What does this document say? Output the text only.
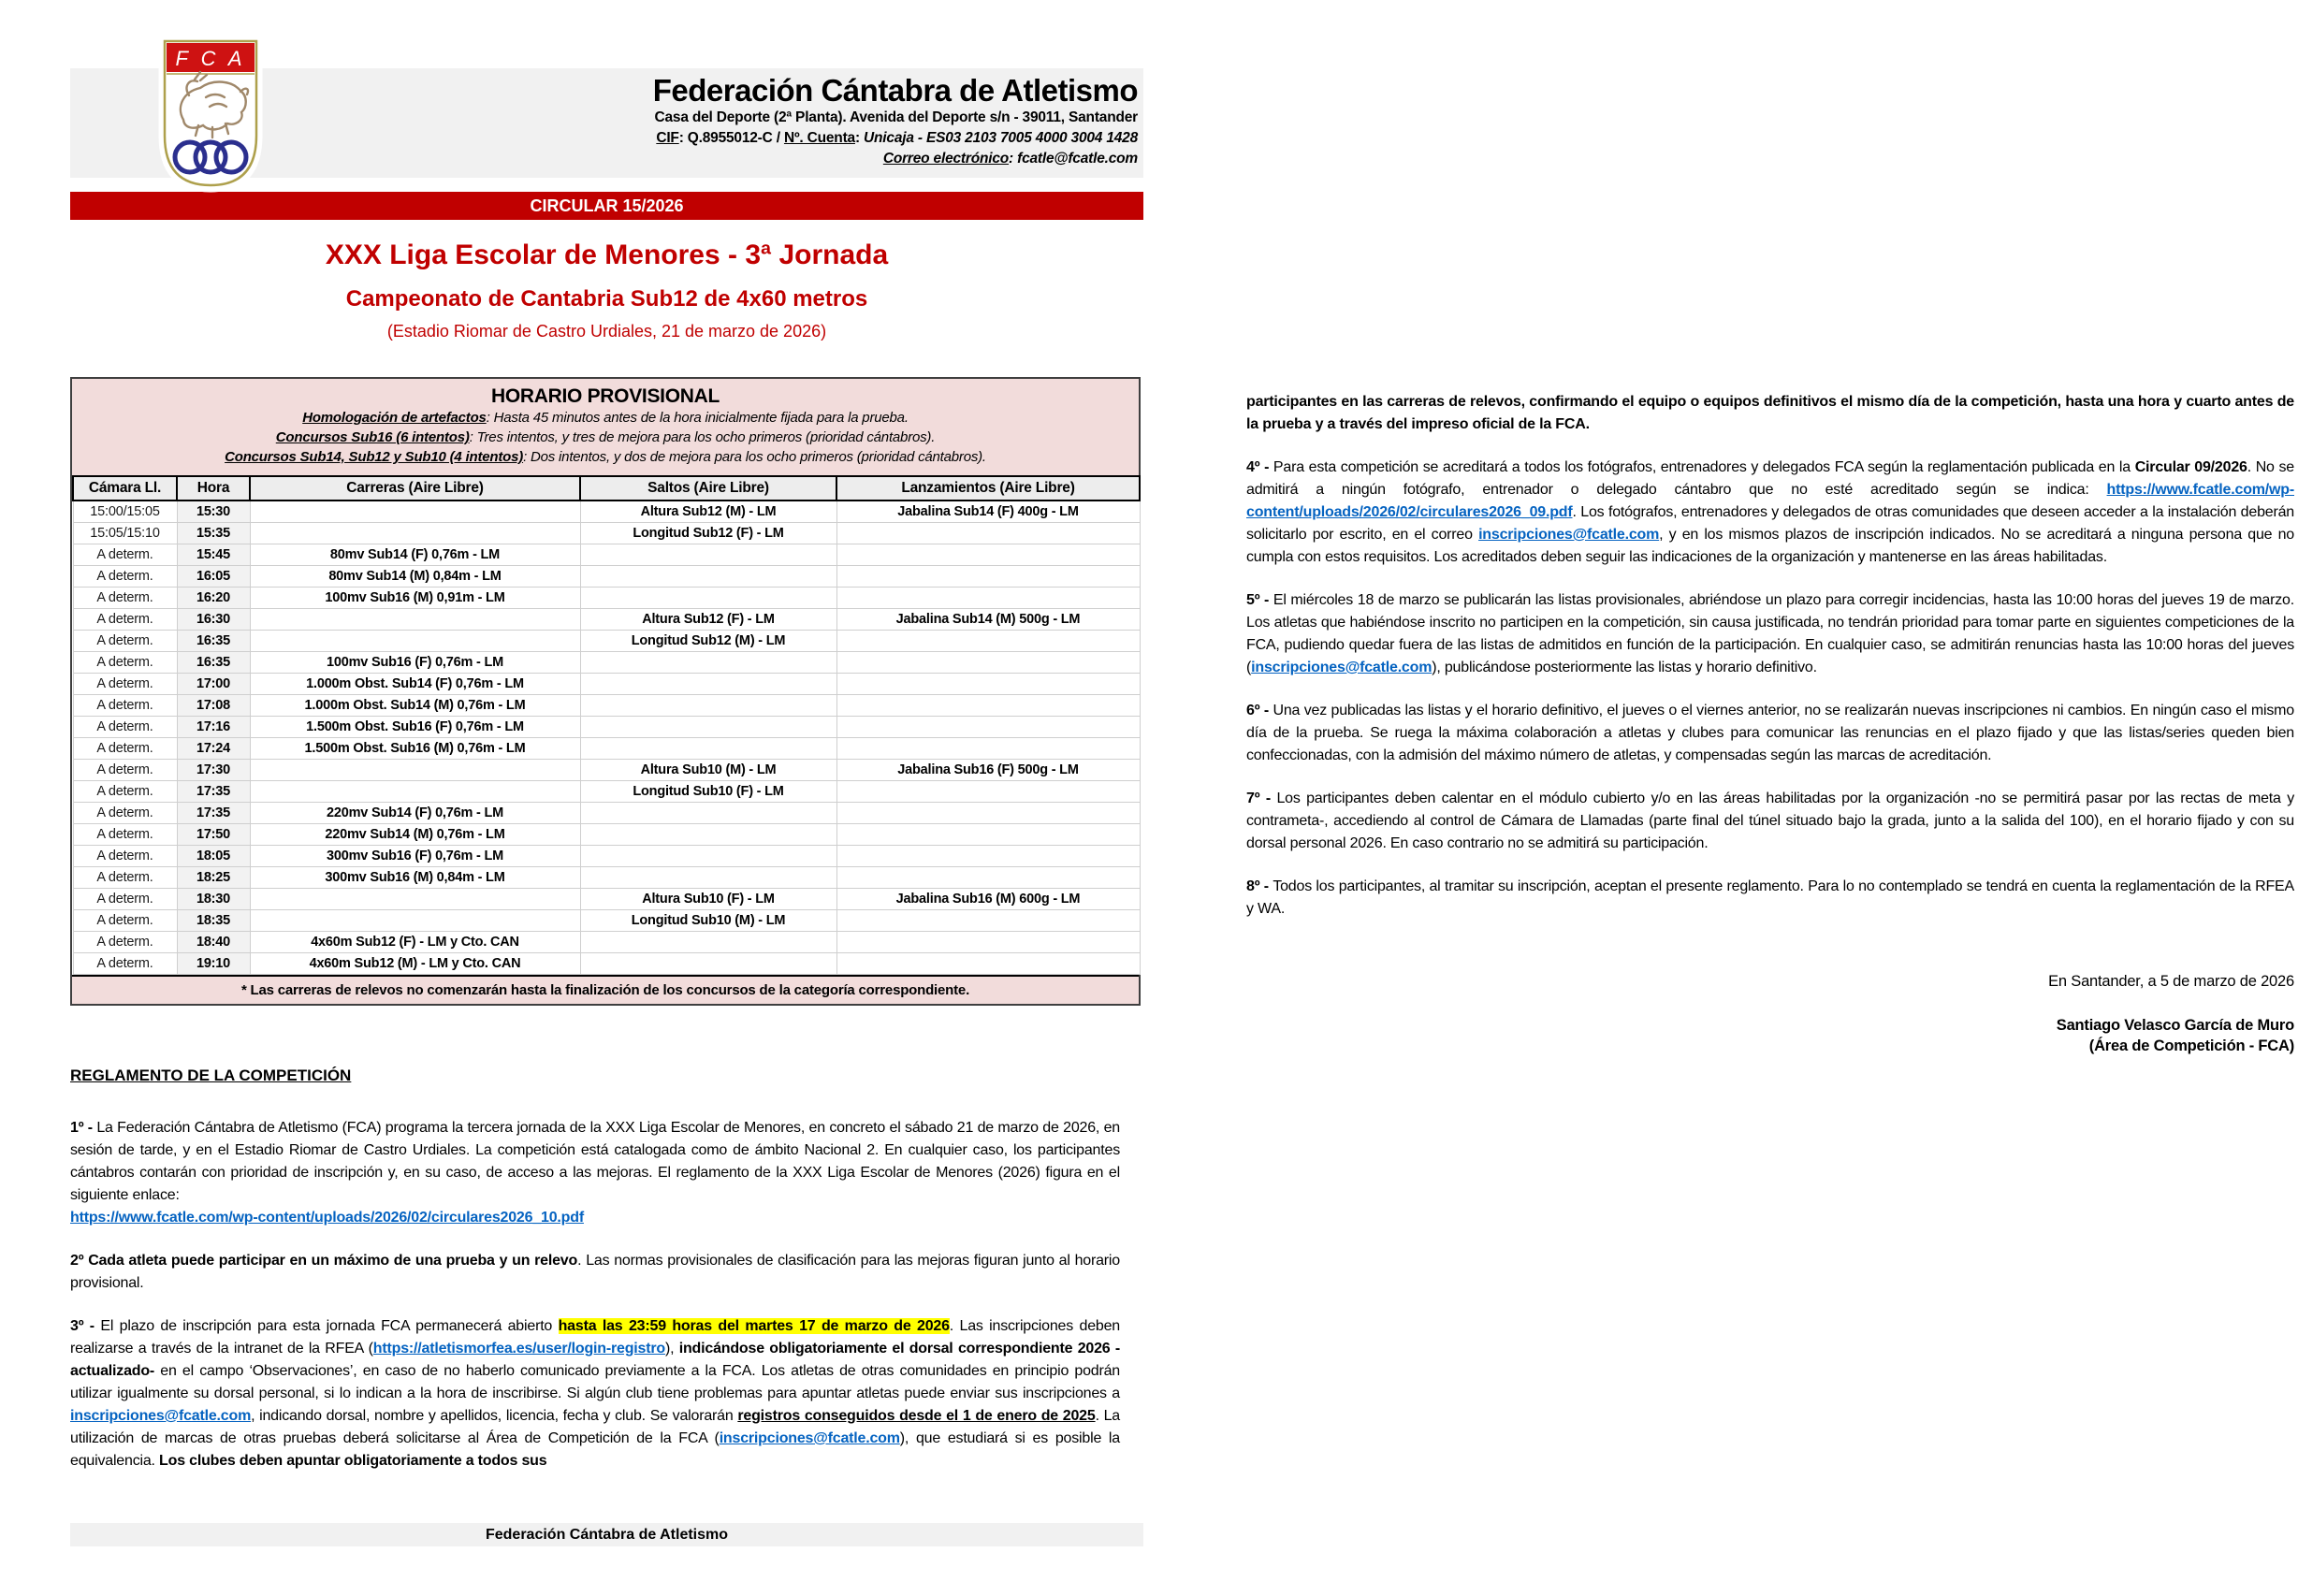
F C A
Federación Cántabra de Atletismo
Casa del Deporte (2ª Planta). Avenida del Deporte s/n - 39011, Santander
CIF: Q.8955012-C / Nº. Cuenta: Unicaja - ES03 2103 7005 4000 3004 1428
Correo electrónico: fcatle@fcatle.com
CIRCULAR 15/2026
XXX Liga Escolar de Menores - 3ª Jornada
Campeonato de Cantabria Sub12 de 4x60 metros
(Estadio Riomar de Castro Urdiales, 21 de marzo de 2026)
HORARIO PROVISIONAL
Homologación de artefactos: Hasta 45 minutos antes de la hora inicialmente fijada para la prueba.
Concursos Sub16 (6 intentos): Tres intentos, y tres de mejora para los ocho primeros (prioridad cántabros).
Concursos Sub14, Sub12 y Sub10 (4 intentos): Dos intentos, y dos de mejora para los ocho primeros (prioridad cántabros).
Cámara Ll.	Hora	Carreras (Aire Libre)	Saltos (Aire Libre)	Lanzamientos (Aire Libre)
15:00/15:05	15:30		Altura Sub12 (M) - LM	Jabalina Sub14 (F) 400g - LM
15:05/15:10	15:35		Longitud Sub12 (F) - LM	
A determ.	15:45	80mv Sub14 (F) 0,76m - LM		
A determ.	16:05	80mv Sub14 (M) 0,84m - LM		
A determ.	16:20	100mv Sub16 (M) 0,91m - LM		
A determ.	16:30		Altura Sub12 (F) - LM	Jabalina Sub14 (M) 500g - LM
A determ.	16:35		Longitud Sub12 (M) - LM	
A determ.	16:35	100mv Sub16 (F) 0,76m - LM		
A determ.	17:00	1.000m Obst. Sub14 (F) 0,76m - LM		
A determ.	17:08	1.000m Obst. Sub14 (M) 0,76m - LM		
A determ.	17:16	1.500m Obst. Sub16 (F) 0,76m - LM		
A determ.	17:24	1.500m Obst. Sub16 (M) 0,76m - LM		
A determ.	17:30		Altura Sub10 (M) - LM	Jabalina Sub16 (F) 500g - LM
A determ.	17:35		Longitud Sub10 (F) - LM	
A determ.	17:35	220mv Sub14 (F) 0,76m - LM		
A determ.	17:50	220mv Sub14 (M) 0,76m - LM		
A determ.	18:05	300mv Sub16 (F) 0,76m - LM		
A determ.	18:25	300mv Sub16 (M) 0,84m - LM		
A determ.	18:30		Altura Sub10 (F) - LM	Jabalina Sub16 (M) 600g - LM
A determ.	18:35		Longitud Sub10 (M) - LM	
A determ.	18:40	4x60m Sub12 (F) - LM y Cto. CAN		
A determ.	19:10	4x60m Sub12 (M) - LM y Cto. CAN		
* Las carreras de relevos no comenzarán hasta la finalización de los concursos de la categoría correspondiente.
REGLAMENTO DE LA COMPETICIÓN

1º - La Federación Cántabra de Atletismo (FCA) programa la tercera jornada de la XXX Liga Escolar de Menores, en concreto el sábado 21 de marzo de 2026, en sesión de tarde, y en el Estadio Riomar de Castro Urdiales. La competición está catalogada como de ámbito Nacional 2. En cualquier caso, los participantes cántabros contarán con prioridad de inscripción y, en su caso, de acceso a las mejoras. El reglamento de la XXX Liga Escolar de Menores (2026) figura en el siguiente enlace:
https://www.fcatle.com/wp-content/uploads/2026/02/circulares2026_10.pdf

2º Cada atleta puede participar en un máximo de una prueba y un relevo. Las normas provisionales de clasificación para las mejoras figuran junto al horario provisional.

3º - El plazo de inscripción para esta jornada FCA permanecerá abierto hasta las 23:59 horas del martes 17 de marzo de 2026. Las inscripciones deben realizarse a través de la intranet de la RFEA (https://atletismorfea.es/user/login-registro), indicándose obligatoriamente el dorsal correspondiente 2026 -actualizado- en el campo ‘Observaciones’, en caso de no haberlo comunicado previamente a la FCA. Los atletas de otras comunidades en principio podrán utilizar igualmente su dorsal personal, si lo indican a la hora de inscribirse. Si algún club tiene problemas para apuntar atletas puede enviar sus inscripciones a inscripciones@fcatle.com, indicando dorsal, nombre y apellidos, licencia, fecha y club. Se valorarán registros conseguidos desde el 1 de enero de 2025. La utilización de marcas de otras pruebas deberá solicitarse al Área de Competición de la FCA (inscripciones@fcatle.com), que estudiará si es posible la equivalencia. Los clubes deben apuntar obligatoriamente a todos sus

participantes en las carreras de relevos, confirmando el equipo o equipos definitivos el mismo día de la competición, hasta una hora y cuarto antes de la prueba y a través del impreso oficial de la FCA.

4º - Para esta competición se acreditará a todos los fotógrafos, entrenadores y delegados FCA según la reglamentación publicada en la Circular 09/2026. No se admitirá a ningún fotógrafo, entrenador o delegado cántabro que no esté acreditado según se indica: https://www.fcatle.com/wp-content/uploads/2026/02/circulares2026_09.pdf. Los fotógrafos, entrenadores y delegados de otras comunidades que deseen acceder a la instalación deberán solicitarlo por escrito, en el correo inscripciones@fcatle.com, y en los mismos plazos de inscripción indicados. No se acreditará a ninguna persona que no cumpla con estos requisitos. Los acreditados deben seguir las indicaciones de la organización y mantenerse en las áreas habilitadas.

5º - El miércoles 18 de marzo se publicarán las listas provisionales, abriéndose un plazo para corregir incidencias, hasta las 10:00 horas del jueves 19 de marzo. Los atletas que habiéndose inscrito no participen en la competición, sin causa justificada, no tendrán prioridad para tomar parte en siguientes competiciones de la FCA, pudiendo quedar fuera de las listas de admitidos en función de la participación. En cualquier caso, se admitirán renuncias hasta las 10:00 horas del jueves (inscripciones@fcatle.com), publicándose posteriormente las listas y horario definitivo.

6º - Una vez publicadas las listas y el horario definitivo, el jueves o el viernes anterior, no se realizarán nuevas inscripciones ni cambios. En ningún caso el mismo día de la prueba. Se ruega la máxima colaboración a atletas y clubes para comunicar las renuncias en el plazo fijado y que las listas/series queden bien confeccionadas, con la admisión del máximo número de atletas, y compensadas según las marcas de acreditación.

7º - Los participantes deben calentar en el módulo cubierto y/o en las áreas habilitadas por la organización -no se permitirá pasar por las rectas de meta y contrameta-, accediendo al control de Cámara de Llamadas (parte final del túnel situado bajo la grada, junto a la salida del 100), en el horario fijado y con su dorsal personal 2026. En caso contrario no se admitirá su participación.

8º - Todos los participantes, al tramitar su inscripción, aceptan el presente reglamento. Para lo no contemplado se tendrá en cuenta la reglamentación de la RFEA y WA.

En Santander, a 5 de marzo de 2026
Santiago Velasco García de Muro
(Área de Competición - FCA)
Federación Cántabra de Atletismo
